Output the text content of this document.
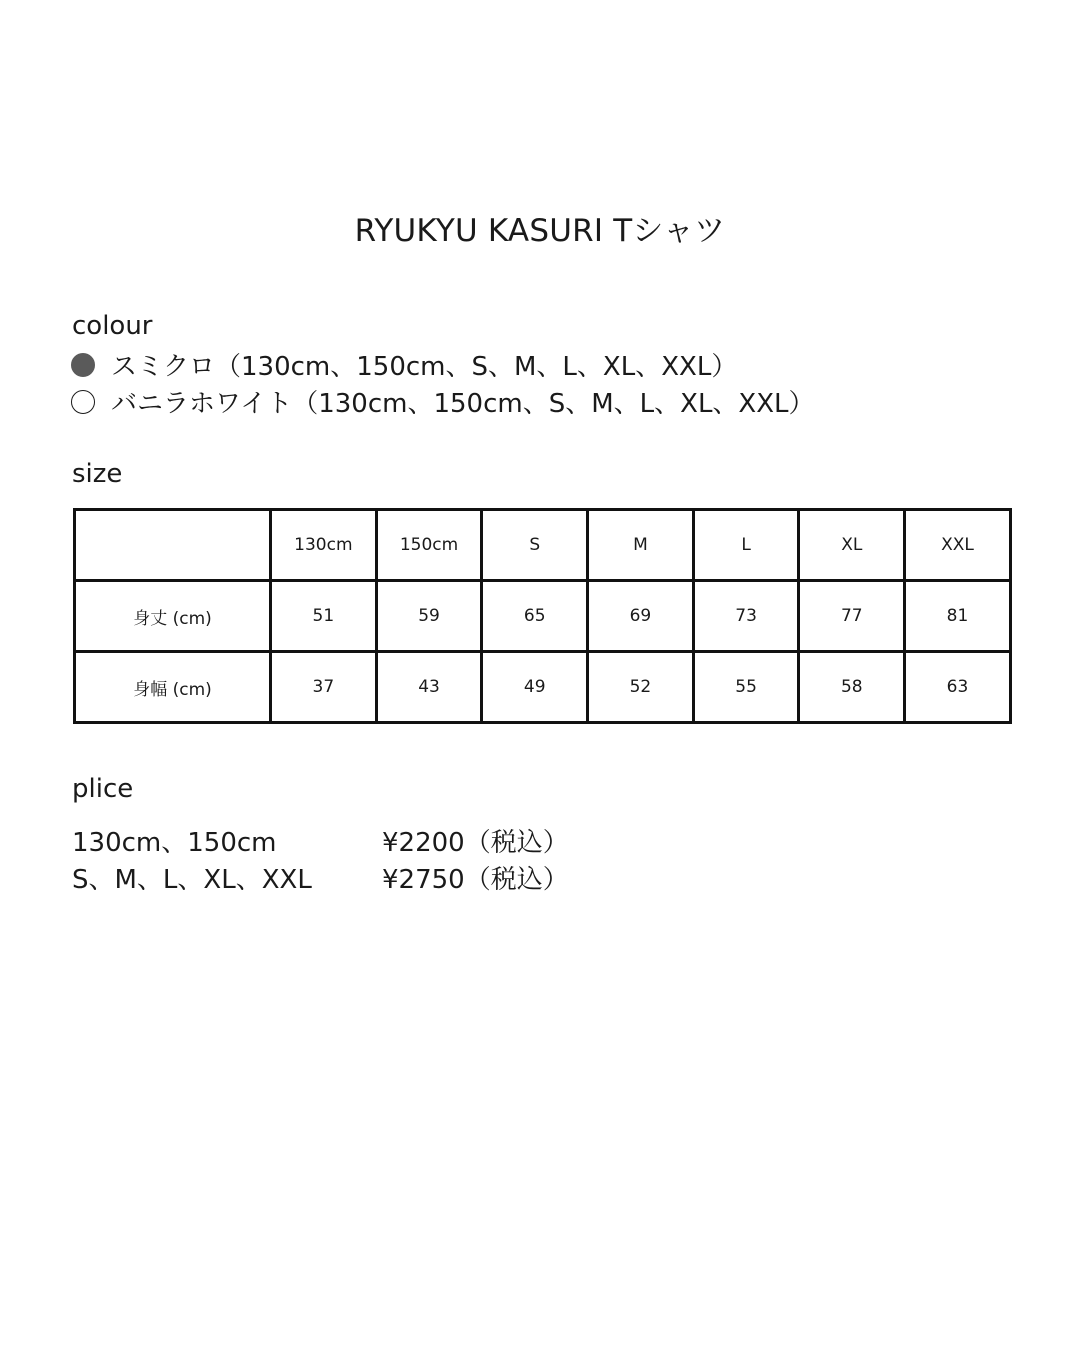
RYUKYU KASURI Tシャツ
colour
スミクロ（130cm、150cm、S、M、L、XL、XXL）
バニラホワイト（130cm、150cm、S、M、L、XL、XXL）
size
	130cm	150cm	S	M	L	XL	XXL
身丈 (cm)	51	59	65	69	73	77	81
身幅 (cm)	37	43	49	52	55	58	63
plice
130cm、150cm	¥2200（税込）
S、M、L、XL、XXL	¥2750（税込）
